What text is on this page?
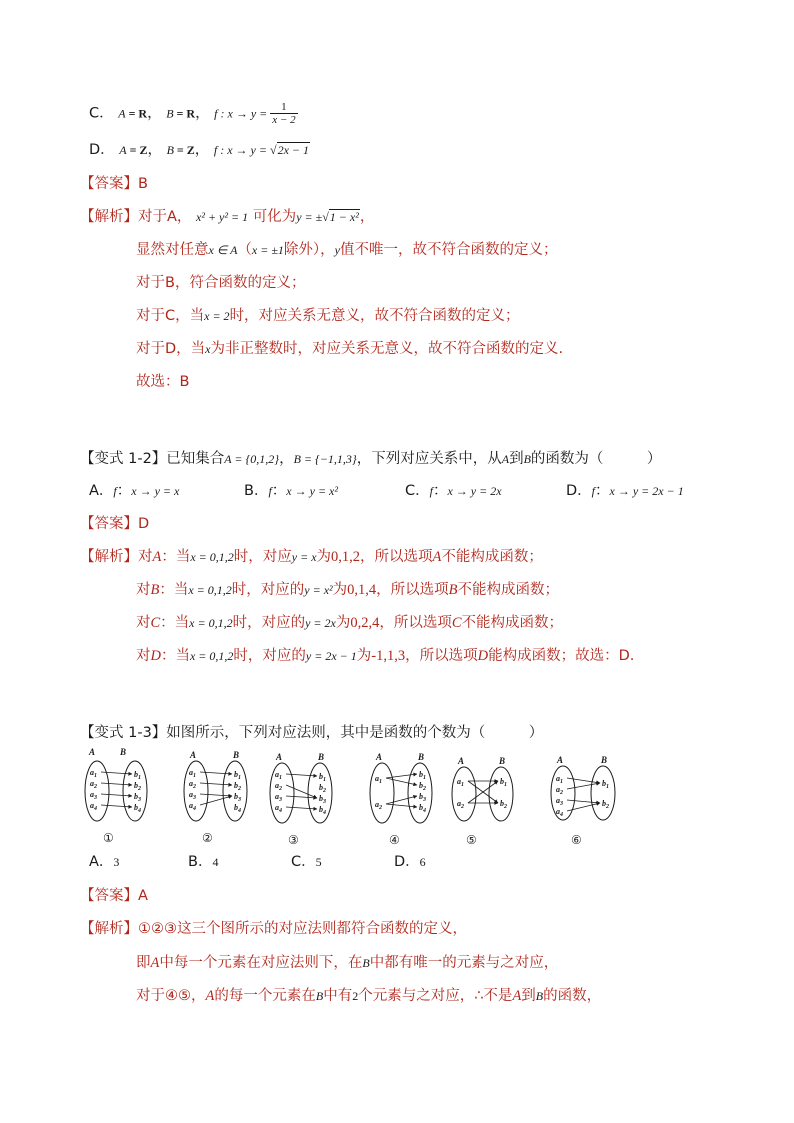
C． A = R， B = R， f : $x \to y = \frac{1}{x - 2}$
D． A = Z， B = Z， f : x → y = √2x − 1
【答案】B
【解析】对于A， x² + y² = 1 可化为y = ±√1 − x²，
显然对任意x ∈ A（x = ±1除外），y值不唯一，故不符合函数的定义；
对于B，符合函数的定义；
对于C，当x = 2时，对应关系无意义，故不符合函数的定义；
对于D，当x为非正整数时，对应关系无意义，故不符合函数的定义.
故选：B
【变式 1-2】已知集合A = {0,1,2}，B = {−1,1,3}，下列对应关系中，从A到B的函数为（　　　）
A．f：x → y = x	B．f：x → y = x²	C．f：x → y = 2x	D．f：x → y = 2x − 1
【答案】D
【解析】对A：当x = 0,1,2时，对应y = x为0,1,2，所以选项A不能构成函数；
对B：当x = 0,1,2时，对应的y = x²为0,1,4，所以选项B不能构成函数；
对C：当x = 0,1,2时，对应的y = 2x为0,2,4，所以选项C不能构成函数；
对D：当x = 0,1,2时，对应的y = 2x − 1为-1,1,3，所以选项D能构成函数；故选：D.
【变式 1-3】如图所示，下列对应法则，其中是函数的个数为（　　　）
$a_1$
$a_2$
$a_3$
$a_4$
$b_1$
$b_2$
$b_3$
$b_4$
A	B
$a_1$
$a_2$
$a_3$
$a_4$
$b_1$
$b_2$
$b_3$
$b_4$
A	B
$a_1$
$a_2$
$a_3$
$a_4$
$b_1$
$b_2$
$b_3$
$b_4$
A	B
$a_1$
$a_2$
$b_1$
$b_2$
$b_3$
$b_4$
A	B
$a_1$
$a_2$
$b_1$
$b_2$
A	B
$a_1$
$a_2$
$a_3$
$a_4$
$b_1$
$b_2$
①	②	③	④	⑤	⑥
A	B
A．3	B．4	C．5	D．6
【答案】A
【解析】①②③这三个图所示的对应法则都符合函数的定义，
即A中每一个元素在对应法则下，在B中都有唯一的元素与之对应，
对于④⑤，A的每一个元素在B中有2个元素与之对应，∴不是A到B的函数，
